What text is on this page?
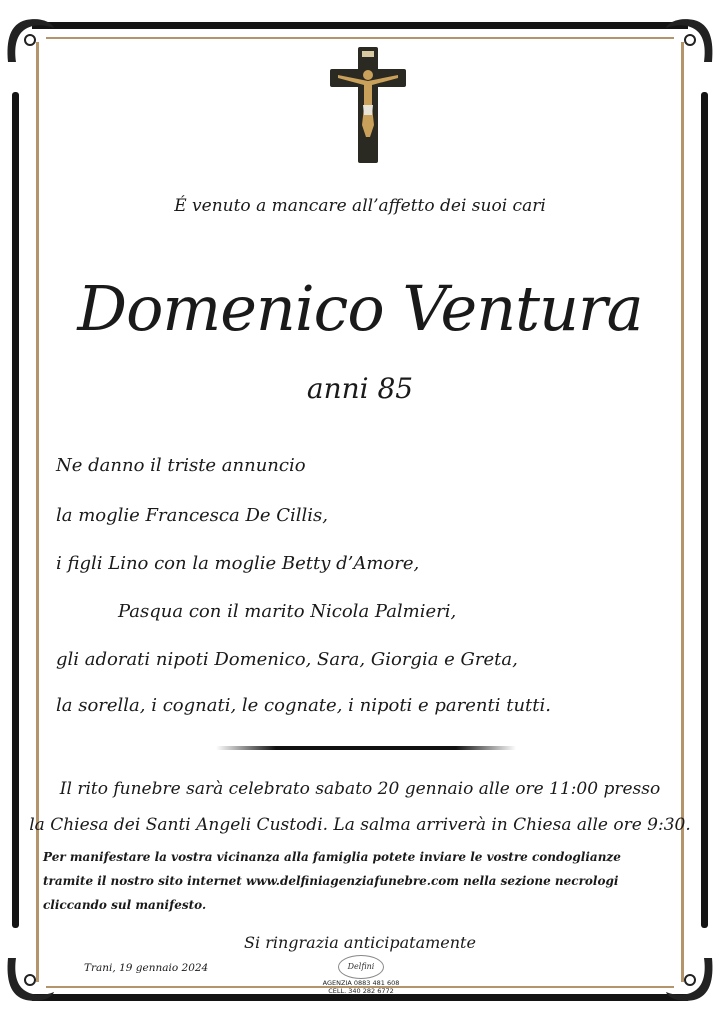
É venuto a mancare all’affetto dei suoi cari
Domenico Ventura
anni 85
Ne danno il triste annuncio
la moglie Francesca De Cillis,
i figli Lino con la moglie Betty d’Amore,
Pasqua con il marito Nicola Palmieri,
gli adorati nipoti Domenico, Sara, Giorgia e Greta,
la sorella, i cognati, le cognate, i nipoti e parenti tutti.
Il rito funebre sarà celebrato sabato 20 gennaio alle ore 11:00 presso
la Chiesa dei Santi Angeli Custodi. La salma arriverà in Chiesa alle ore 9:30.
Per manifestare la vostra vicinanza alla famiglia potete inviare le vostre condoglianze
tramite il nostro sito internet www.delfiniagenziafunebre.com nella sezione necrologi
cliccando sul manifesto.
Si ringrazia anticipatamente
Trani, 19 gennaio 2024	Delfini
AGENZIA 0883 481 608
CELL. 340 282 6772
